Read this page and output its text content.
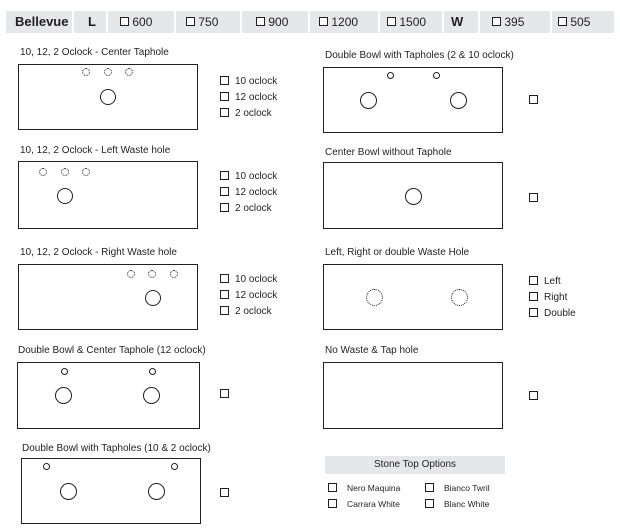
Bellevue L	600	750	900	1200	1500 W	395	505
10, 12, 2 Oclock - Center Taphole
10 oclock
12 oclock
2 oclock
10, 12, 2 Oclock - Left Waste hole
10 oclock
12 oclock
2 oclock
10, 12, 2 Oclock - Right Waste hole
10 oclock
12 oclock
2 oclock
Double Bowl & Center Taphole (12 oclock)
Double Bowl with Tapholes (10 & 2 oclock)
Double Bowl with Tapholes (2 & 10 oclock)
Center Bowl without Taphole
Left, Right or double Waste Hole
Left
Right
Double
No Waste & Tap hole
Stone Top Options
Nero Maquina	Bianco Twril
Carrara White	Blanc White
